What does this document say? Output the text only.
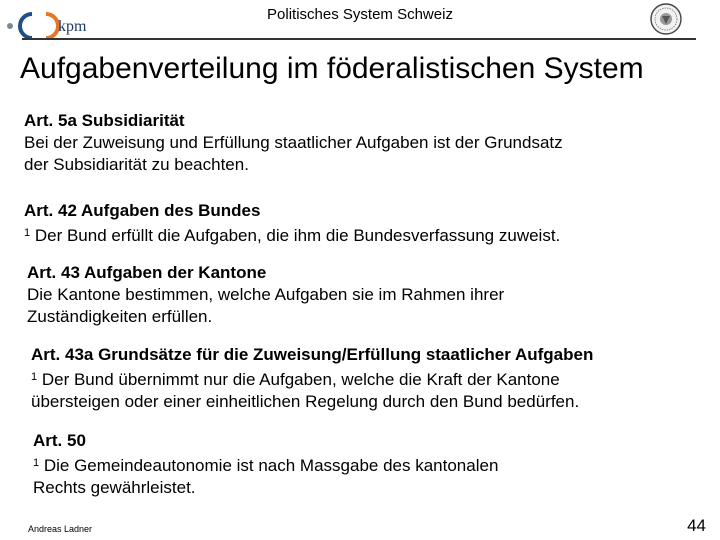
kpm
Politisches System Schweiz
Aufgabenverteilung im föderalistischen System
Art. 5a Subsidiarität
Bei der Zuweisung und Erfüllung staatlicher Aufgaben ist der Grundsatz
der Subsidiarität zu beachten.
Art. 42 Aufgaben des Bundes
$^1$ Der Bund erfüllt die Aufgaben, die ihm die Bundesverfassung zuweist.
Art. 43 Aufgaben der Kantone
Die Kantone bestimmen, welche Aufgaben sie im Rahmen ihrer
Zuständigkeiten erfüllen.
Art. 43a Grundsätze für die Zuweisung/Erfüllung staatlicher Aufgaben
$^1$ Der Bund übernimmt nur die Aufgaben, welche die Kraft der Kantone
übersteigen oder einer einheitlichen Regelung durch den Bund bedürfen.
Art. 50
$^1$ Die Gemeindeautonomie ist nach Massgabe des kantonalen
Rechts gewährleistet.
Andreas Ladner	44
